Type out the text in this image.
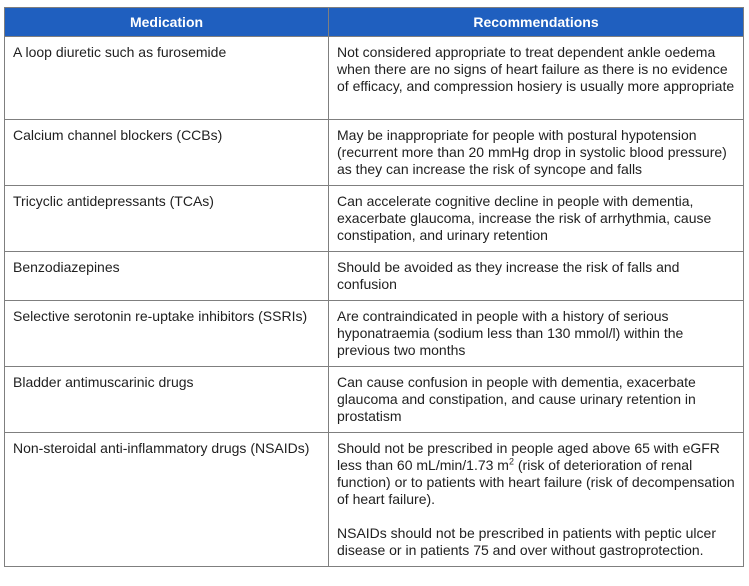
Medication	Recommendations
A loop diuretic such as furosemide	Not considered appropriate to treat dependent ankle oedema when there are no signs of heart failure as there is no evidence of efficacy, and compression hosiery is usually more appropriate
Calcium channel blockers (CCBs)	May be inappropriate for people with postural hypotension (recurrent more than 20 mmHg drop in systolic blood pressure) as they can increase the risk of syncope and falls
Tricyclic antidepressants (TCAs)	Can accelerate cognitive decline in people with dementia, exacerbate glaucoma, increase the risk of arrhythmia, cause constipation, and urinary retention
Benzodiazepines	Should be avoided as they increase the risk of falls and confusion
Selective serotonin re-uptake inhibitors (SSRIs)	Are contraindicated in people with a history of serious hyponatraemia (sodium less than 130 mmol/l) within the previous two months
Bladder antimuscarinic drugs	Can cause confusion in people with dementia, exacerbate glaucoma and constipation, and cause urinary retention in prostatism
Non-steroidal anti-inflammatory drugs (NSAIDs)	Should not be prescribed in people aged above 65 with eGFR less than 60 mL/min/1.73 $m^2$ (risk of deterioration of renal function) or to patients with heart failure (risk of decompensation of heart failure).
NSAIDs should not be prescribed in patients with peptic ulcer disease or in patients 75 and over without gastroprotection.
